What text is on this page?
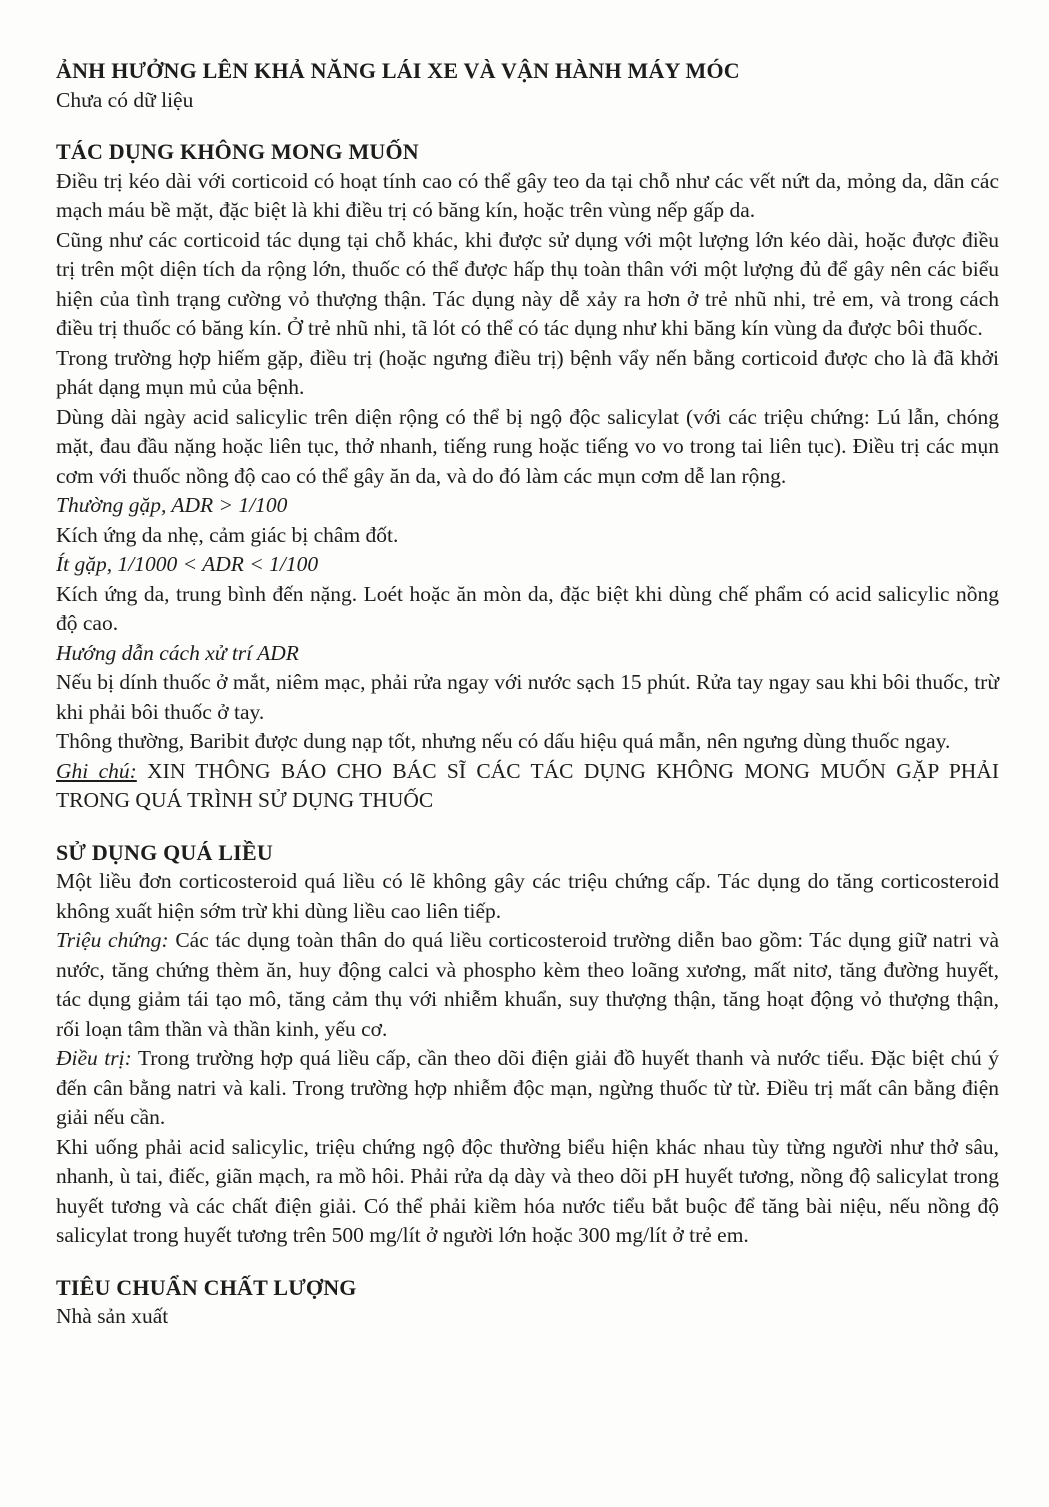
ẢNH HƯỞNG LÊN KHẢ NĂNG LÁI XE VÀ VẬN HÀNH MÁY MÓC

Chưa có dữ liệu

TÁC DỤNG KHÔNG MONG MUỐN

Điều trị kéo dài với corticoid có hoạt tính cao có thể gây teo da tại chỗ như các vết nứt da, mỏng da, dãn các mạch máu bề mặt, đặc biệt là khi điều trị có băng kín, hoặc trên vùng nếp gấp da.

Cũng như các corticoid tác dụng tại chỗ khác, khi được sử dụng với một lượng lớn kéo dài, hoặc được điều trị trên một diện tích da rộng lớn, thuốc có thể được hấp thụ toàn thân với một lượng đủ để gây nên các biểu hiện của tình trạng cường vỏ thượng thận. Tác dụng này dễ xảy ra hơn ở trẻ nhũ nhi, trẻ em, và trong cách điều trị thuốc có băng kín. Ở trẻ nhũ nhi, tã lót có thể có tác dụng như khi băng kín vùng da được bôi thuốc.

Trong trường hợp hiếm gặp, điều trị (hoặc ngưng điều trị) bệnh vẩy nến bằng corticoid được cho là đã khởi phát dạng mụn mủ của bệnh.

Dùng dài ngày acid salicylic trên diện rộng có thể bị ngộ độc salicylat (với các triệu chứng: Lú lẫn, chóng mặt, đau đầu nặng hoặc liên tục, thở nhanh, tiếng rung hoặc tiếng vo vo trong tai liên tục). Điều trị các mụn cơm với thuốc nồng độ cao có thể gây ăn da, và do đó làm các mụn cơm dễ lan rộng.

Thường gặp, ADR > 1/100

Kích ứng da nhẹ, cảm giác bị châm đốt.

Ít gặp, 1/1000 < ADR < 1/100

Kích ứng da, trung bình đến nặng. Loét hoặc ăn mòn da, đặc biệt khi dùng chế phẩm có acid salicylic nồng độ cao.

Hướng dẫn cách xử trí ADR

Nếu bị dính thuốc ở mắt, niêm mạc, phải rửa ngay với nước sạch 15 phút. Rửa tay ngay sau khi bôi thuốc, trừ khi phải bôi thuốc ở tay.

Thông thường, Baribit được dung nạp tốt, nhưng nếu có dấu hiệu quá mẫn, nên ngưng dùng thuốc ngay.

Ghi chú: XIN THÔNG BÁO CHO BÁC SĨ CÁC TÁC DỤNG KHÔNG MONG MUỐN GẶP PHẢI TRONG QUÁ TRÌNH SỬ DỤNG THUỐC

SỬ DỤNG QUÁ LIỀU

Một liều đơn corticosteroid quá liều có lẽ không gây các triệu chứng cấp. Tác dụng do tăng corticosteroid không xuất hiện sớm trừ khi dùng liều cao liên tiếp.

Triệu chứng: Các tác dụng toàn thân do quá liều corticosteroid trường diễn bao gồm: Tác dụng giữ natri và nước, tăng chứng thèm ăn, huy động calci và phospho kèm theo loãng xương, mất nitơ, tăng đường huyết, tác dụng giảm tái tạo mô, tăng cảm thụ với nhiễm khuẩn, suy thượng thận, tăng hoạt động vỏ thượng thận, rối loạn tâm thần và thần kinh, yếu cơ.

Điều trị: Trong trường hợp quá liều cấp, cần theo dõi điện giải đồ huyết thanh và nước tiểu. Đặc biệt chú ý đến cân bằng natri và kali. Trong trường hợp nhiễm độc mạn, ngừng thuốc từ từ. Điều trị mất cân bằng điện giải nếu cần.

Khi uống phải acid salicylic, triệu chứng ngộ độc thường biểu hiện khác nhau tùy từng người như thở sâu, nhanh, ù tai, điếc, giãn mạch, ra mồ hôi. Phải rửa dạ dày và theo dõi pH huyết tương, nồng độ salicylat trong huyết tương và các chất điện giải. Có thể phải kiềm hóa nước tiểu bắt buộc để tăng bài niệu, nếu nồng độ salicylat trong huyết tương trên 500 mg/lít ở người lớn hoặc 300 mg/lít ở trẻ em.

TIÊU CHUẨN CHẤT LƯỢNG

Nhà sản xuất
